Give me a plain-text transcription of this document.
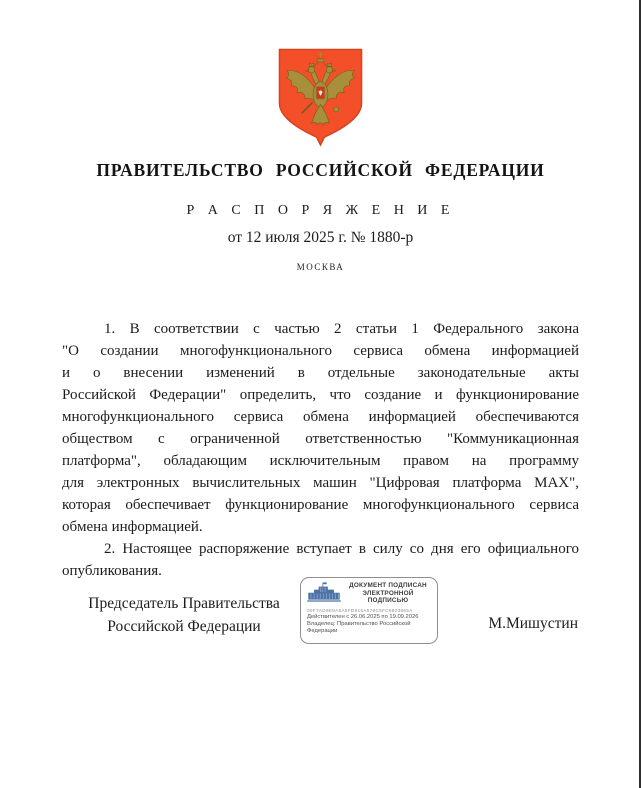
ПРАВИТЕЛЬСТВО РОССИЙСКОЙ ФЕДЕРАЦИИ
Р А С П О Р Я Ж Е Н И Е
от 12 июля 2025 г. № 1880-р
МОСКВА
1. В соответствии с частью 2 статьи 1 Федерального закона
"О создании многофункционального сервиса обмена информацией
и о внесении изменений в отдельные законодательные акты
Российской Федерации" определить, что создание и функционирование
многофункционального сервиса обмена информацией обеспечиваются
обществом с ограниченной ответственностью "Коммуникационная
платформа", обладающим исключительным правом на программу
для электронных вычислительных машин "Цифровая платформа MAX",
которая обеспечивает функционирование многофункционального сервиса
обмена информацией.
2. Настоящее распоряжение вступает в силу со дня его официального
опубликования.
Председатель Правительства
Российской Федерации
ДОКУМЕНТ ПОДПИСАН
ЭЛЕКТРОННОЙ ПОДПИСЬЮ
00F7AD9E8A6A8FD915A579C5FC8823865A
Действителен с 26.06.2025 по 19.09.2026
Владелец: Правительство Российской
Федерации	М.Мишустин
